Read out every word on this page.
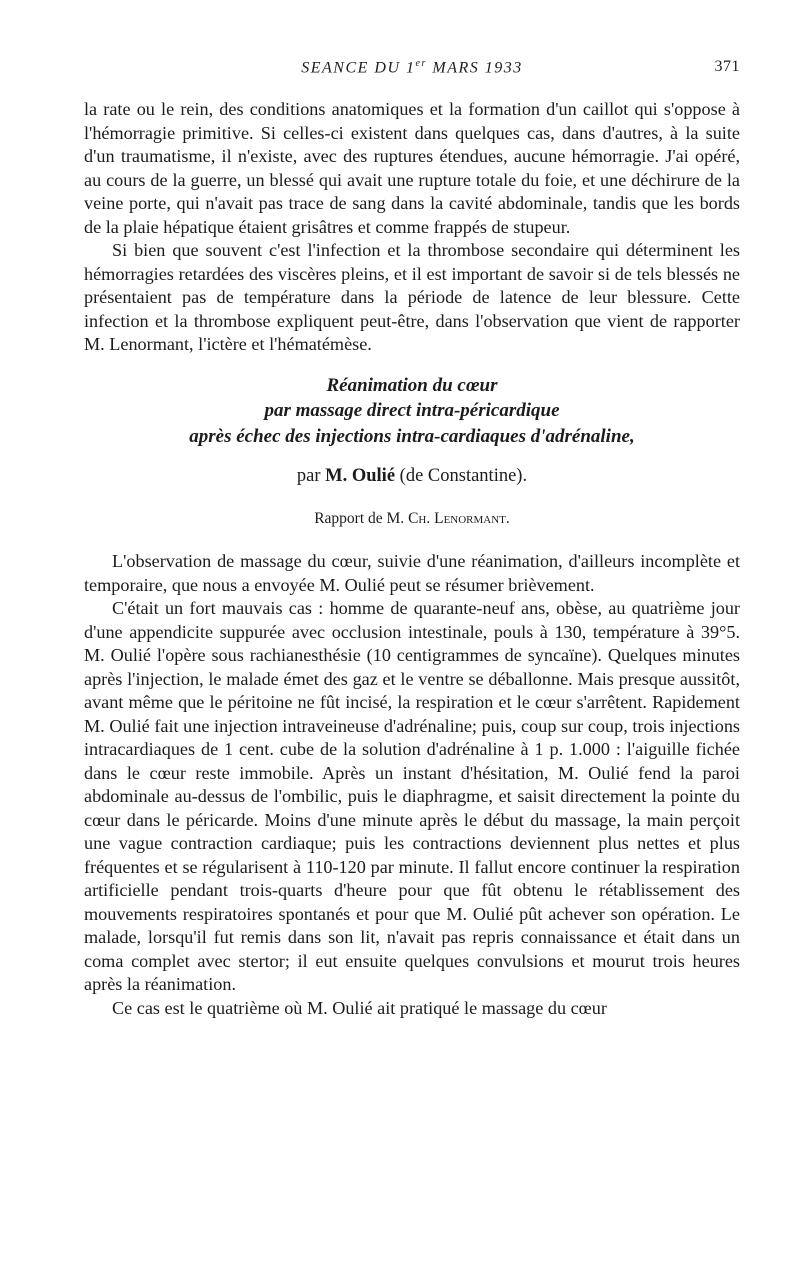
SEANCE DU 1er MARS 1933	371

la rate ou le rein, des conditions anatomiques et la formation d'un caillot qui s'oppose à l'hémorragie primitive. Si celles-ci existent dans quelques cas, dans d'autres, à la suite d'un traumatisme, il n'existe, avec des ruptures étendues, aucune hémorragie. J'ai opéré, au cours de la guerre, un blessé qui avait une rupture totale du foie, et une déchirure de la veine porte, qui n'avait pas trace de sang dans la cavité abdominale, tandis que les bords de la plaie hépatique étaient grisâtres et comme frappés de stupeur.

Si bien que souvent c'est l'infection et la thrombose secondaire qui déterminent les hémorragies retardées des viscères pleins, et il est important de savoir si de tels blessés ne présentaient pas de température dans la période de latence de leur blessure. Cette infection et la thrombose expliquent peut-être, dans l'observation que vient de rapporter M. Lenormant, l'ictère et l'hématémèse.

Réanimation du cœur
par massage direct intra-péricardique
après échec des injections intra-cardiaques d'adrénaline,
par M. Oulié (de Constantine).
Rapport de M. Ch. Lenormant.

L'observation de massage du cœur, suivie d'une réanimation, d'ailleurs incomplète et temporaire, que nous a envoyée M. Oulié peut se résumer brièvement.

C'était un fort mauvais cas : homme de quarante-neuf ans, obèse, au quatrième jour d'une appendicite suppurée avec occlusion intestinale, pouls à 130, température à 39°5. M. Oulié l'opère sous rachianesthésie (10 centigrammes de syncaïne). Quelques minutes après l'injection, le malade émet des gaz et le ventre se déballonne. Mais presque aussitôt, avant même que le péritoine ne fût incisé, la respiration et le cœur s'arrêtent. Rapidement M. Oulié fait une injection intraveineuse d'adrénaline; puis, coup sur coup, trois injections intracardiaques de 1 cent. cube de la solution d'adrénaline à 1 p. 1.000 : l'aiguille fichée dans le cœur reste immobile. Après un instant d'hésitation, M. Oulié fend la paroi abdominale au-dessus de l'ombilic, puis le diaphragme, et saisit directement la pointe du cœur dans le péricarde. Moins d'une minute après le début du massage, la main perçoit une vague contraction cardiaque; puis les contractions deviennent plus nettes et plus fréquentes et se régularisent à 110-120 par minute. Il fallut encore continuer la respiration artificielle pendant trois-quarts d'heure pour que fût obtenu le rétablissement des mouvements respiratoires spontanés et pour que M. Oulié pût achever son opération. Le malade, lorsqu'il fut remis dans son lit, n'avait pas repris connaissance et était dans un coma complet avec stertor; il eut ensuite quelques convulsions et mourut trois heures après la réanimation.

Ce cas est le quatrième où M. Oulié ait pratiqué le massage du cœur
